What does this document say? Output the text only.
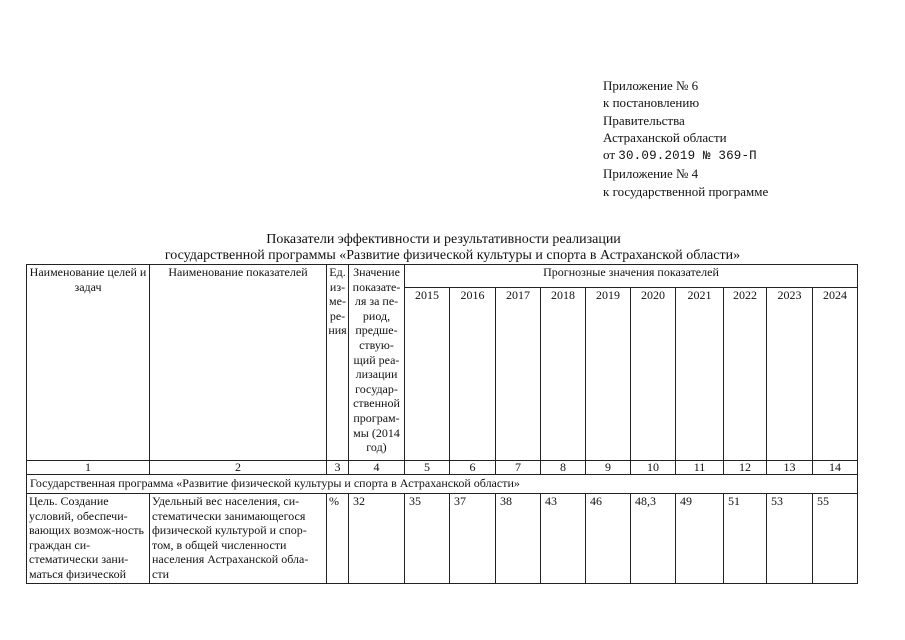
Приложение № 6
к постановлению
Правительства
Астраханской области
от 30.09.2019 № 369-П
Приложение № 4
к государственной программе
Показатели эффективности и результативности реализации
государственной программы «Развитие физической культуры и спорта в Астраханской области»
Наименование целей и задач	Наименование показателей	Ед. из-ме-ре-ния	Значение показате-ля за пе-риод, предше-ствую-щий реа-лизации государ-ственной програм-мы (2014 год)	Прогнозные значения показателей									
				2015	2016	2017	2018	2019	2020	2021	2022	2023	2024
1	2	3	4	5	6	7	8	9	10	11	12	13	14
Государственная программа «Развитие физической культуры и спорта в Астраханской области»													
Цель. Создание условий, обеспечи-вающих возмож-ность граждан си-стематически зани-маться физической	Удельный вес населения, си-стематически занимающегося физической культурой и спор-том, в общей численности населения Астраханской обла-сти	%	32	35	37	38	43	46	48,3	49	51	53	55
